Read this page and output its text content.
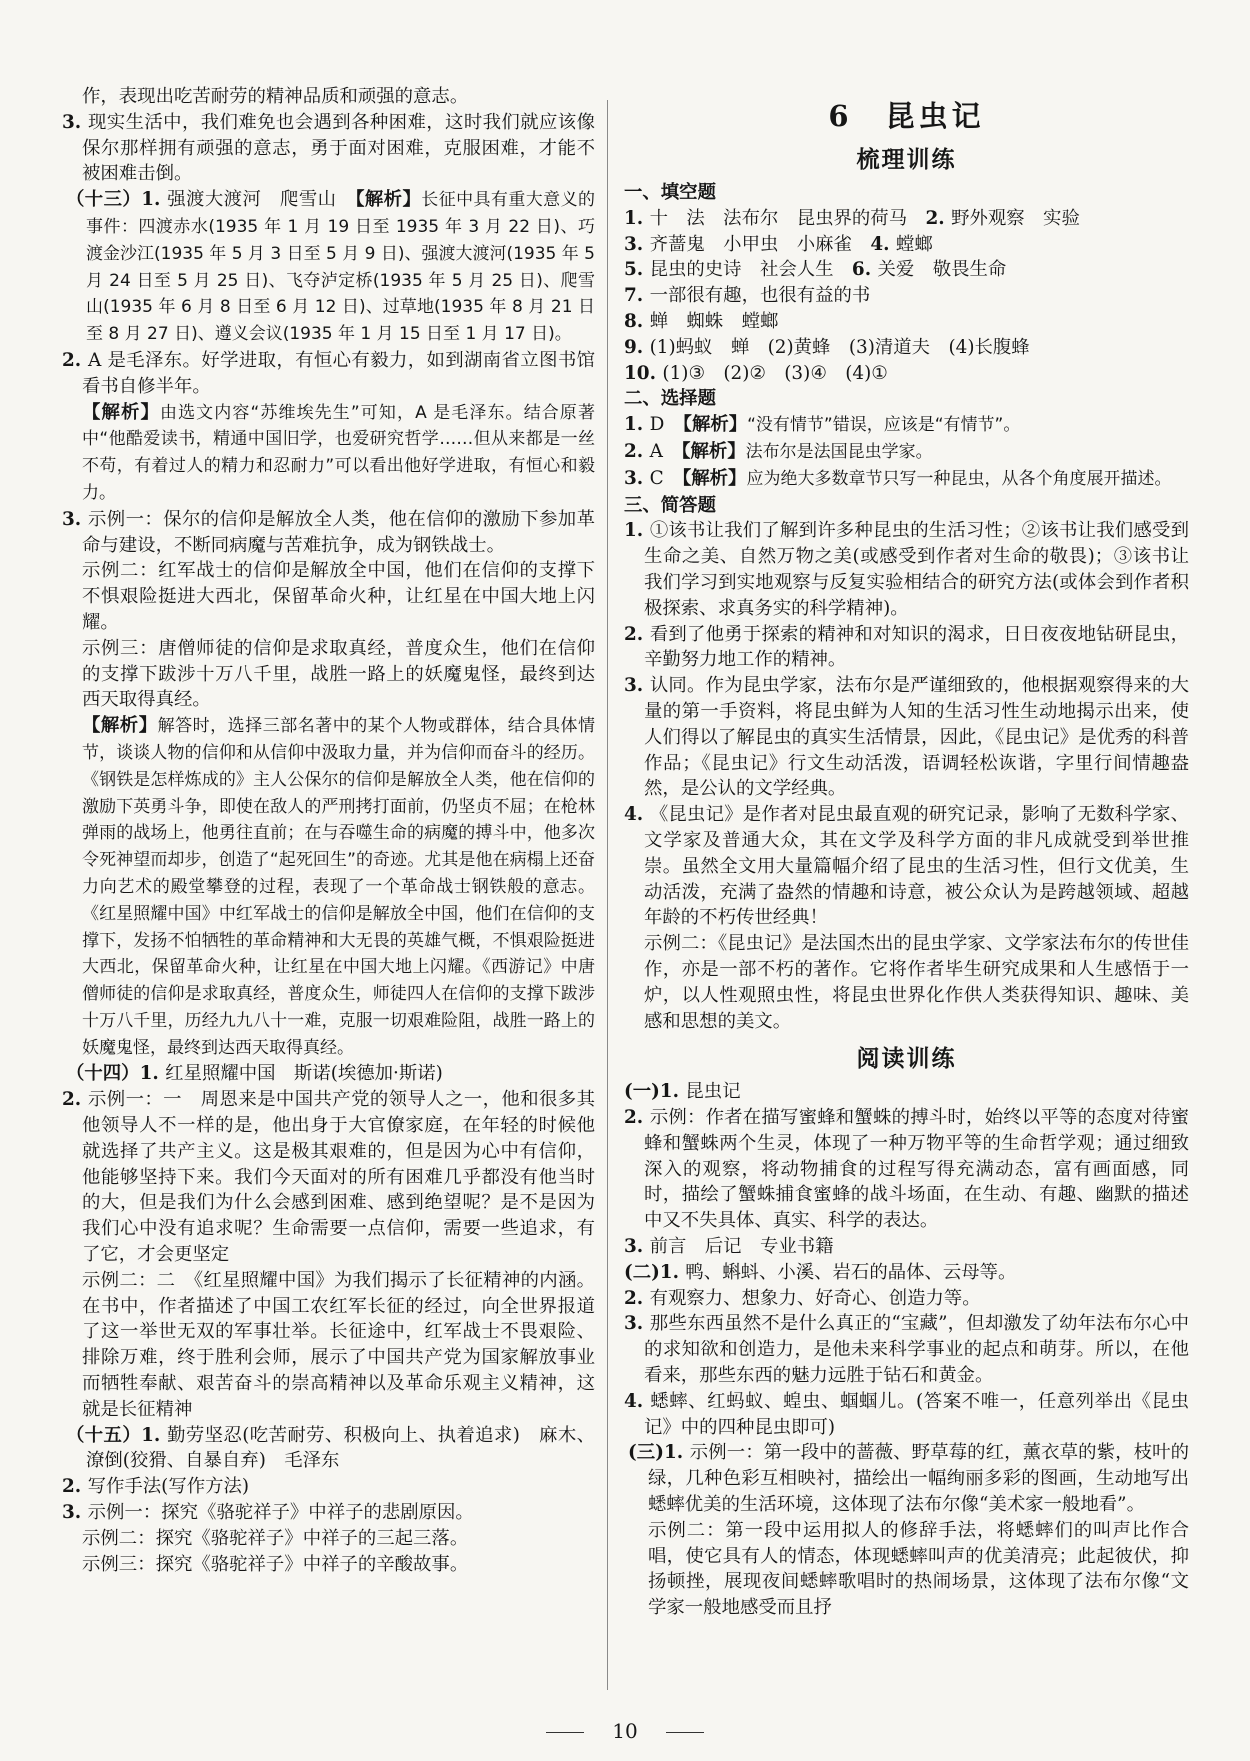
作，表现出吃苦耐劳的精神品质和顽强的意志。
3. 现实生活中，我们难免也会遇到各种困难，这时我们就应该像保尔那样拥有顽强的意志，勇于面对困难，克服困难，才能不被困难击倒。
（十三）1. 强渡大渡河　爬雪山　【解析】长征中具有重大意义的事件：四渡赤水(1935 年 1 月 19 日至 1935 年 3 月 22 日)、巧渡金沙江(1935 年 5 月 3 日至 5 月 9 日)、强渡大渡河(1935 年 5 月 24 日至 5 月 25 日)、飞夺泸定桥(1935 年 5 月 25 日)、爬雪山(1935 年 6 月 8 日至 6 月 12 日)、过草地(1935 年 8 月 21 日至 8 月 27 日)、遵义会议(1935 年 1 月 15 日至 1 月 17 日)。
2. A 是毛泽东。好学进取，有恒心有毅力，如到湖南省立图书馆看书自修半年。
【解析】由选文内容“苏维埃先生”可知，A 是毛泽东。结合原著中“他酷爱读书，精通中国旧学，也爱研究哲学……但从来都是一丝不苟，有着过人的精力和忍耐力”可以看出他好学进取，有恒心和毅力。
3. 示例一：保尔的信仰是解放全人类，他在信仰的激励下参加革命与建设，不断同病魔与苦难抗争，成为钢铁战士。
示例二：红军战士的信仰是解放全中国，他们在信仰的支撑下不惧艰险挺进大西北，保留革命火种，让红星在中国大地上闪耀。
示例三：唐僧师徒的信仰是求取真经，普度众生，他们在信仰的支撑下跋涉十万八千里，战胜一路上的妖魔鬼怪，最终到达西天取得真经。
【解析】解答时，选择三部名著中的某个人物或群体，结合具体情节，谈谈人物的信仰和从信仰中汲取力量，并为信仰而奋斗的经历。《钢铁是怎样炼成的》主人公保尔的信仰是解放全人类，他在信仰的激励下英勇斗争，即使在敌人的严刑拷打面前，仍坚贞不屈；在枪林弹雨的战场上，他勇往直前；在与吞噬生命的病魔的搏斗中，他多次令死神望而却步，创造了“起死回生”的奇迹。尤其是他在病榻上还奋力向艺术的殿堂攀登的过程，表现了一个革命战士钢铁般的意志。《红星照耀中国》中红军战士的信仰是解放全中国，他们在信仰的支撑下，发扬不怕牺牲的革命精神和大无畏的英雄气概，不惧艰险挺进大西北，保留革命火种，让红星在中国大地上闪耀。《西游记》中唐僧师徒的信仰是求取真经，普度众生，师徒四人在信仰的支撑下跋涉十万八千里，历经九九八十一难，克服一切艰难险阻，战胜一路上的妖魔鬼怪，最终到达西天取得真经。
（十四）1. 红星照耀中国　斯诺(埃德加·斯诺)
2. 示例一：一　周恩来是中国共产党的领导人之一，他和很多其他领导人不一样的是，他出身于大官僚家庭，在年轻的时候他就选择了共产主义。这是极其艰难的，但是因为心中有信仰，他能够坚持下来。我们今天面对的所有困难几乎都没有他当时的大，但是我们为什么会感到困难、感到绝望呢？是不是因为我们心中没有追求呢？生命需要一点信仰，需要一些追求，有了它，才会更坚定
示例二：二　《红星照耀中国》为我们揭示了长征精神的内涵。在书中，作者描述了中国工农红军长征的经过，向全世界报道了这一举世无双的军事壮举。长征途中，红军战士不畏艰险、排除万难，终于胜利会师，展示了中国共产党为国家解放事业而牺牲奉献、艰苦奋斗的崇高精神以及革命乐观主义精神，这就是长征精神
（十五）1. 勤劳坚忍(吃苦耐劳、积极向上、执着追求)　麻木、潦倒(狡猾、自暴自弃)　毛泽东
2. 写作手法(写作方法)
3. 示例一：探究《骆驼祥子》中祥子的悲剧原因。
示例二：探究《骆驼祥子》中祥子的三起三落。
示例三：探究《骆驼祥子》中祥子的辛酸故事。
6　昆虫记
梳理训练
一、填空题
1. 十　法　法布尔　昆虫界的荷马　2. 野外观察　实验
3. 齐蔷鬼　小甲虫　小麻雀　4. 螳螂
5. 昆虫的史诗　社会人生　6. 关爱　敬畏生命
7. 一部很有趣，也很有益的书
8. 蝉　蜘蛛　螳螂
9. (1)蚂蚁　蝉　(2)黄蜂　(3)清道夫　(4)长腹蜂
10. (1)③　(2)②　(3)④　(4)①
二、选择题
1. D　【解析】“没有情节”错误，应该是“有情节”。
2. A　【解析】法布尔是法国昆虫学家。
3. C　【解析】应为绝大多数章节只写一种昆虫，从各个角度展开描述。
三、简答题
1. ①该书让我们了解到许多种昆虫的生活习性；②该书让我们感受到生命之美、自然万物之美(或感受到作者对生命的敬畏)；③该书让我们学习到实地观察与反复实验相结合的研究方法(或体会到作者积极探索、求真务实的科学精神)。
2. 看到了他勇于探索的精神和对知识的渴求，日日夜夜地钻研昆虫，辛勤努力地工作的精神。
3. 认同。作为昆虫学家，法布尔是严谨细致的，他根据观察得来的大量的第一手资料，将昆虫鲜为人知的生活习性生动地揭示出来，使人们得以了解昆虫的真实生活情景，因此，《昆虫记》是优秀的科普作品；《昆虫记》行文生动活泼，语调轻松诙谐，字里行间情趣盎然，是公认的文学经典。
4. 《昆虫记》是作者对昆虫最直观的研究记录，影响了无数科学家、文学家及普通大众，其在文学及科学方面的非凡成就受到举世推崇。虽然全文用大量篇幅介绍了昆虫的生活习性，但行文优美，生动活泼，充满了盎然的情趣和诗意，被公众认为是跨越领域、超越年龄的不朽传世经典！
示例二：《昆虫记》是法国杰出的昆虫学家、文学家法布尔的传世佳作，亦是一部不朽的著作。它将作者毕生研究成果和人生感悟于一炉，以人性观照虫性，将昆虫世界化作供人类获得知识、趣味、美感和思想的美文。
阅读训练
(一)1. 昆虫记
2. 示例：作者在描写蜜蜂和蟹蛛的搏斗时，始终以平等的态度对待蜜蜂和蟹蛛两个生灵，体现了一种万物平等的生命哲学观；通过细致深入的观察，将动物捕食的过程写得充满动态，富有画面感，同时，描绘了蟹蛛捕食蜜蜂的战斗场面，在生动、有趣、幽默的描述中又不失具体、真实、科学的表达。
3. 前言　后记　专业书籍
(二)1. 鸭、蝌蚪、小溪、岩石的晶体、云母等。
2. 有观察力、想象力、好奇心、创造力等。
3. 那些东西虽然不是什么真正的“宝藏”，但却激发了幼年法布尔心中的求知欲和创造力，是他未来科学事业的起点和萌芽。所以，在他看来，那些东西的魅力远胜于钻石和黄金。
4. 蟋蟀、红蚂蚁、蝗虫、蝈蝈儿。(答案不唯一，任意列举出《昆虫记》中的四种昆虫即可)
(三)1. 示例一：第一段中的蔷薇、野草莓的红，薰衣草的紫，枝叶的绿，几种色彩互相映衬，描绘出一幅绚丽多彩的图画，生动地写出蟋蟀优美的生活环境，这体现了法布尔像“美术家一般地看”。
示例二：第一段中运用拟人的修辞手法，将蟋蟀们的叫声比作合唱，使它具有人的情态，体现蟋蟀叫声的优美清亮；此起彼伏，抑扬顿挫，展现夜间蟋蟀歌唱时的热闹场景，这体现了法布尔像“文学家一般地感受而且抒
10
